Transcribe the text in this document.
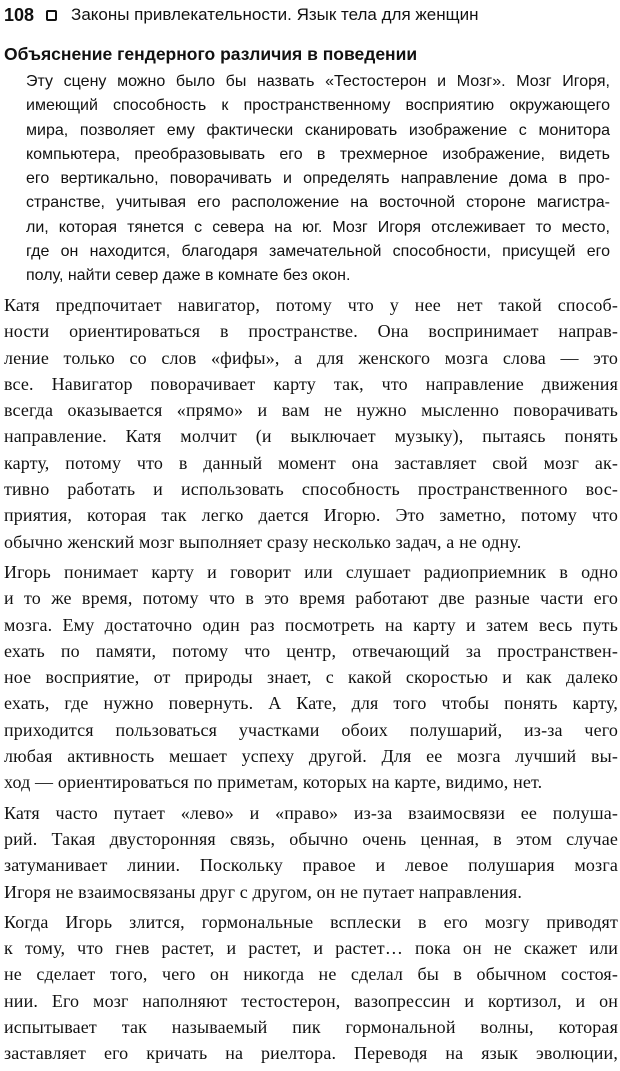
108 Законы привлекательности. Язык тела для женщин
Объяснение гендерного различия в поведении
Эту сцену можно было бы назвать «Тестостерон и Мозг». Мозг Игоря,
имеющий способность к пространственному восприятию окружающего
мира, позволяет ему фактически сканировать изображение с монитора
компьютера, преобразовывать его в трехмерное изображение, видеть
его вертикально, поворачивать и определять направление дома в про-
странстве, учитывая его расположение на восточной стороне магистра-
ли, которая тянется с севера на юг. Мозг Игоря отслеживает то место,
где он находится, благодаря замечательной способности, присущей его
полу, найти север даже в комнате без окон.
Катя предпочитает навигатор, потому что у нее нет такой способ-
ности ориентироваться в пространстве. Она воспринимает направ-
ление только со слов «фифы», а для женского мозга слова — это
все. Навигатор поворачивает карту так, что направление движения
всегда оказывается «прямо» и вам не нужно мысленно поворачивать
направление. Катя молчит (и выключает музыку), пытаясь понять
карту, потому что в данный момент она заставляет свой мозг ак-
тивно работать и использовать способность пространственного вос-
приятия, которая так легко дается Игорю. Это заметно, потому что
обычно женский мозг выполняет сразу несколько задач, а не одну.
Игорь понимает карту и говорит или слушает радиоприемник в одно
и то же время, потому что в это время работают две разные части его
мозга. Ему достаточно один раз посмотреть на карту и затем весь путь
ехать по памяти, потому что центр, отвечающий за пространствен-
ное восприятие, от природы знает, с какой скоростью и как далеко
ехать, где нужно повернуть. А Кате, для того чтобы понять карту,
приходится пользоваться участками обоих полушарий, из-за чего
любая активность мешает успеху другой. Для ее мозга лучший вы-
ход — ориентироваться по приметам, которых на карте, видимо, нет.
Катя часто путает «лево» и «право» из-за взаимосвязи ее полуша-
рий. Такая двусторонняя связь, обычно очень ценная, в этом случае
затуманивает линии. Поскольку правое и левое полушария мозга
Игоря не взаимосвязаны друг с другом, он не путает направления.
Когда Игорь злится, гормональные всплески в его мозгу приводят
к тому, что гнев растет, и растет, и растет… пока он не скажет или
не сделает того, чего он никогда не сделал бы в обычном состоя-
нии. Его мозг наполняют тестостерон, вазопрессин и кортизол, и он
испытывает так называемый пик гормональной волны, которая
заставляет его кричать на риелтора. Переводя на язык эволюции,
